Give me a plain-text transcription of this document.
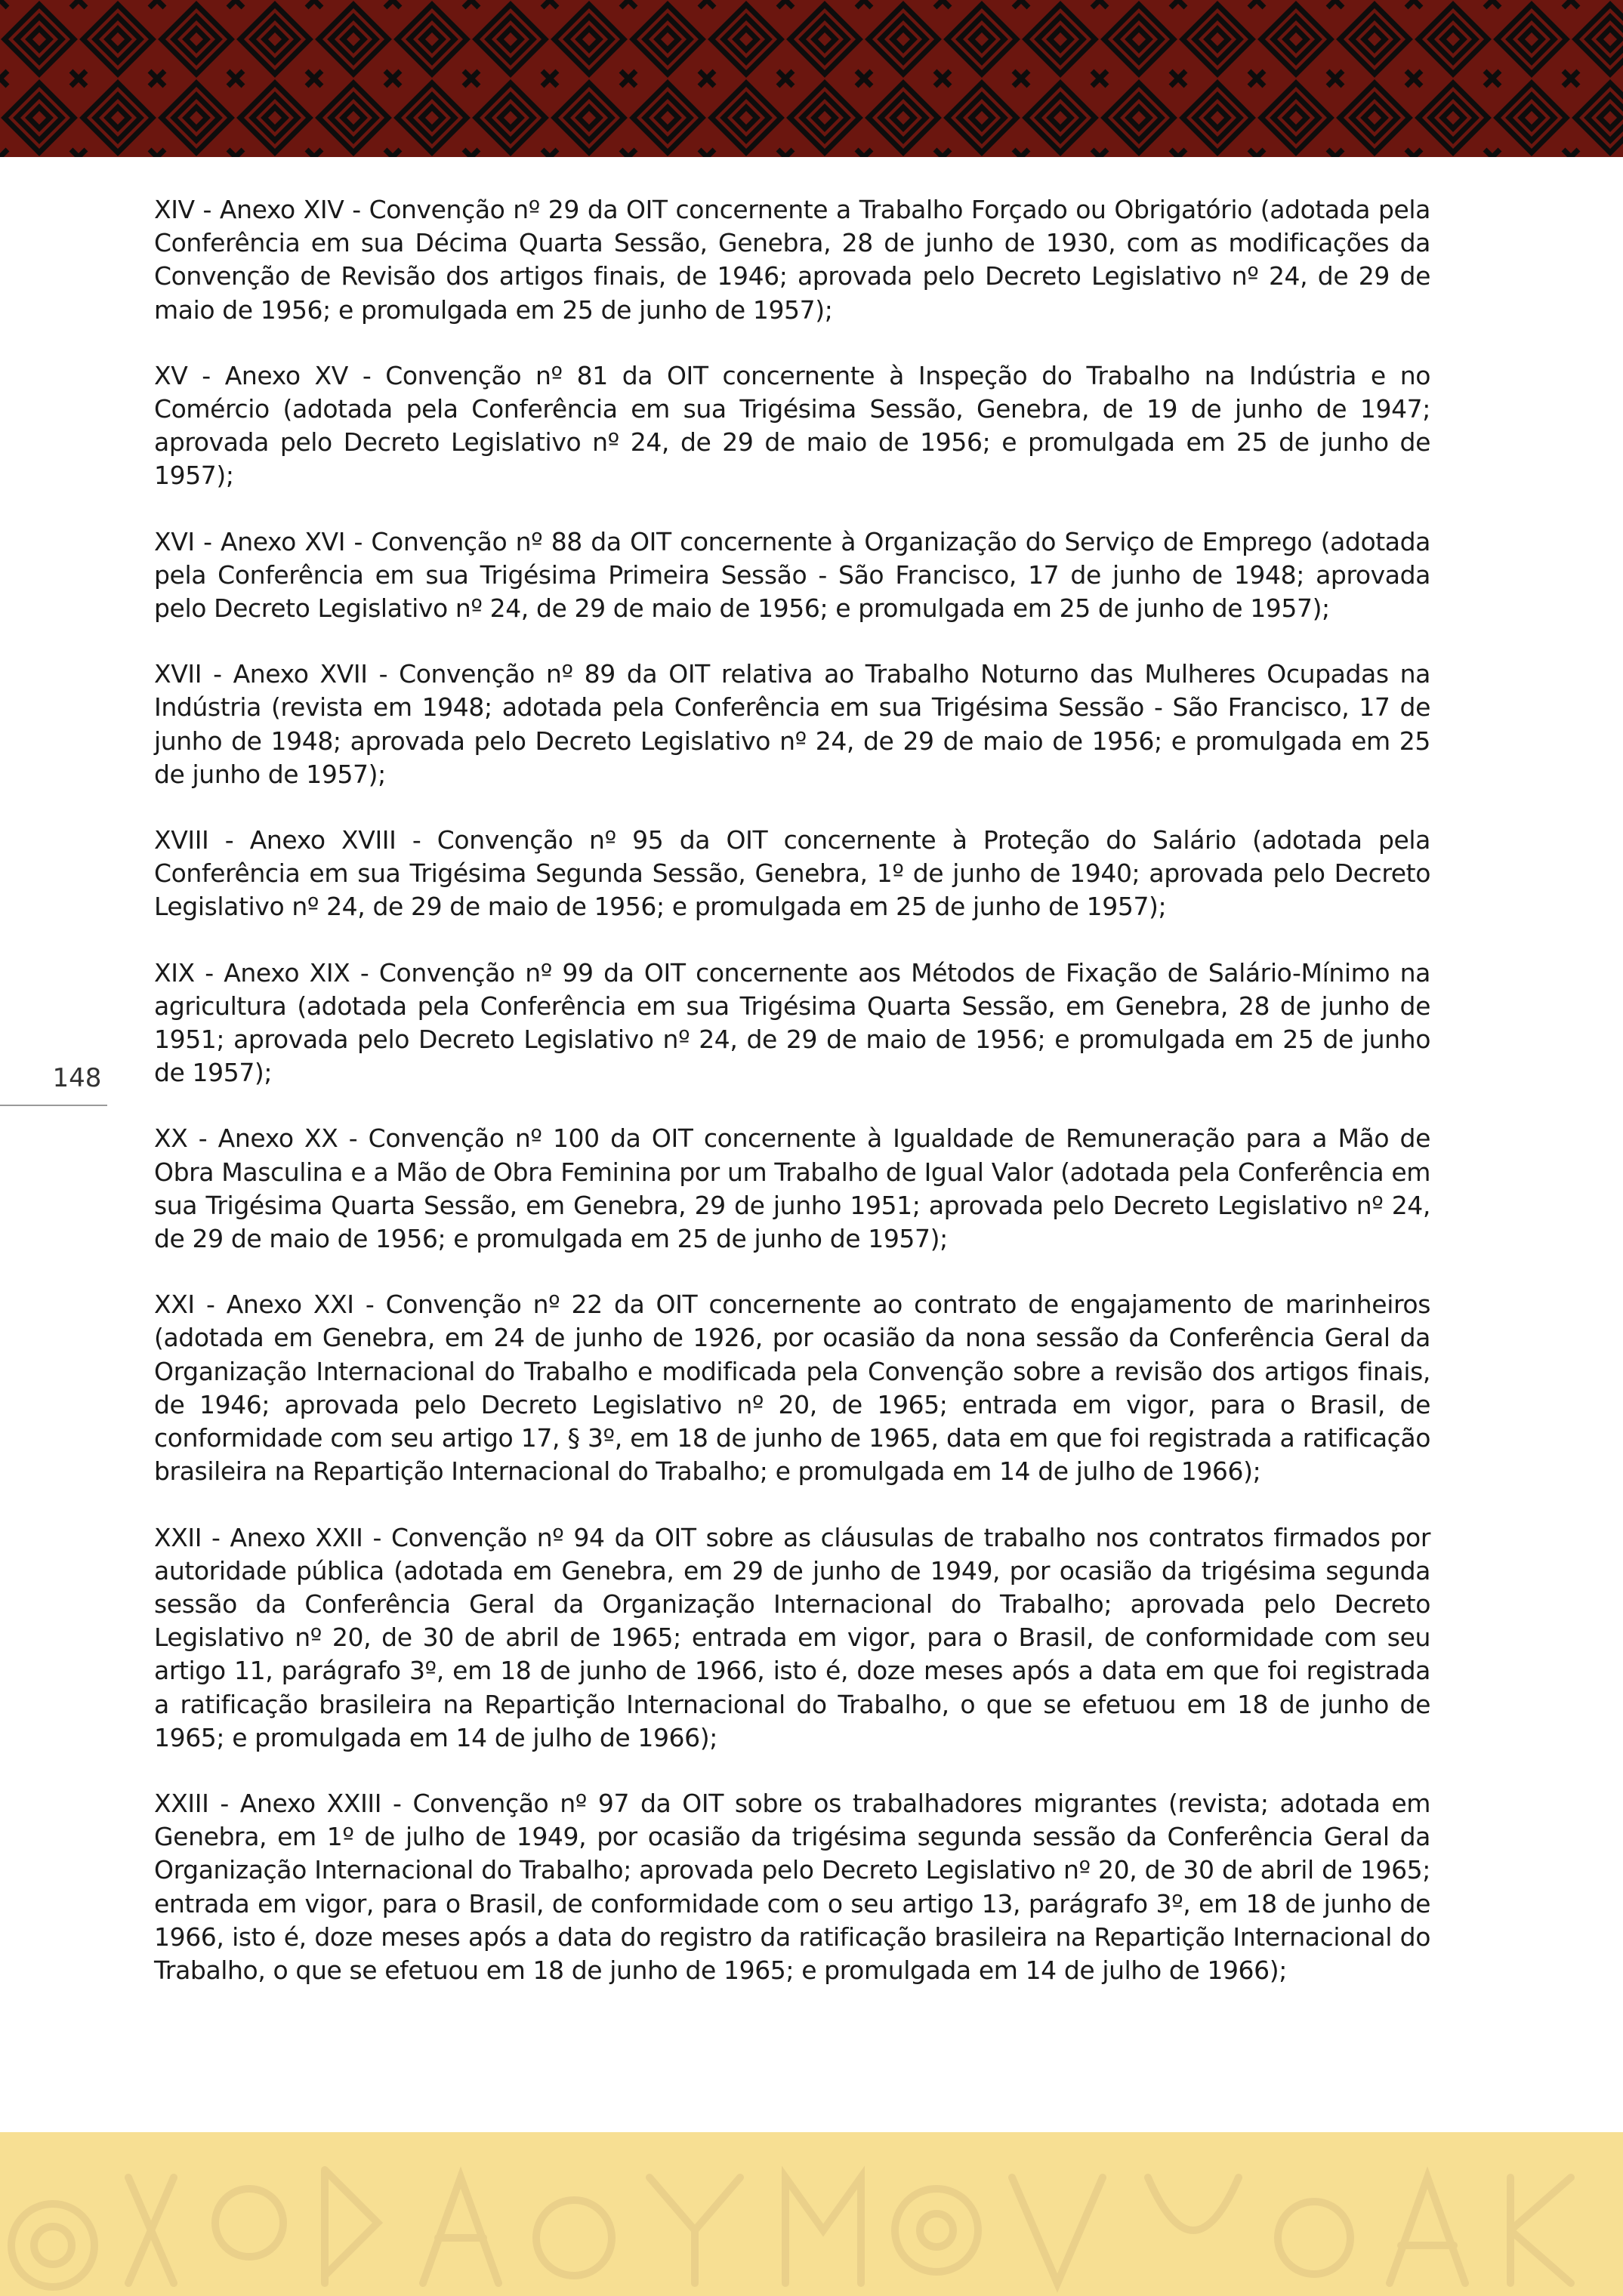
148

XIV - Anexo XIV - Convenção nº 29 da OIT concernente a Trabalho Forçado ou Obrigatório (adotada pela Conferência em sua Décima Quarta Sessão, Genebra, 28 de junho de 1930, com as modificações da Convenção de Revisão dos artigos finais, de 1946; aprovada pelo Decreto Legislativo nº 24, de 29 de maio de 1956; e promulgada em 25 de junho de 1957);

XV - Anexo XV - Convenção nº 81 da OIT concernente à Inspeção do Trabalho na Indústria e no Comércio (adotada pela Conferência em sua Trigésima Sessão, Genebra, de 19 de junho de 1947; aprovada pelo Decreto Legislativo nº 24, de 29 de maio de 1956; e promulgada em 25 de junho de 1957);

XVI - Anexo XVI - Convenção nº 88 da OIT concernente à Organização do Serviço de Emprego (adotada pela Conferência em sua Trigésima Primeira Sessão - São Francisco, 17 de junho de 1948; aprovada pelo Decreto Legislativo nº 24, de 29 de maio de 1956; e promulgada em 25 de junho de 1957);

XVII - Anexo XVII - Convenção nº 89 da OIT relativa ao Trabalho Noturno das Mulheres Ocupadas na Indústria (revista em 1948; adotada pela Conferência em sua Trigésima Sessão - São Francisco, 17 de junho de 1948; aprovada pelo Decreto Legislativo nº 24, de 29 de maio de 1956; e promulgada em 25 de junho de 1957);

XVIII - Anexo XVIII - Convenção nº 95 da OIT concernente à Proteção do Salário (adotada pela Conferência em sua Trigésima Segunda Sessão, Genebra, 1º de junho de 1940; aprovada pelo Decreto Legislativo nº 24, de 29 de maio de 1956; e promulgada em 25 de junho de 1957);

XIX - Anexo XIX - Convenção nº 99 da OIT concernente aos Métodos de Fixação de Salário-Mínimo na agricultura (adotada pela Conferência em sua Trigésima Quarta Sessão, em Genebra, 28 de junho de 1951; aprovada pelo Decreto Legislativo nº 24, de 29 de maio de 1956; e promulgada em 25 de junho de 1957);

XX - Anexo XX - Convenção nº 100 da OIT concernente à Igualdade de Remuneração para a Mão de Obra Masculina e a Mão de Obra Feminina por um Trabalho de Igual Valor (adotada pela Conferência em sua Trigésima Quarta Sessão, em Genebra, 29 de junho 1951; aprovada pelo Decreto Legislativo nº 24, de 29 de maio de 1956; e promulgada em 25 de junho de 1957);

XXI - Anexo XXI - Convenção nº 22 da OIT concernente ao contrato de engajamento de marinheiros (adotada em Genebra, em 24 de junho de 1926, por ocasião da nona sessão da Conferência Geral da Organização Internacional do Trabalho e modificada pela Convenção sobre a revisão dos artigos finais, de 1946; aprovada pelo Decreto Legislativo nº 20, de 1965; entrada em vigor, para o Brasil, de conformidade com seu artigo 17, § 3º, em 18 de junho de 1965, data em que foi registrada a ratificação brasileira na Repartição Internacional do Trabalho; e promulgada em 14 de julho de 1966);

XXII - Anexo XXII - Convenção nº 94 da OIT sobre as cláusulas de trabalho nos contratos firmados por autoridade pública (adotada em Genebra, em 29 de junho de 1949, por ocasião da trigésima segunda sessão da Conferência Geral da Organização Internacional do Trabalho; aprovada pelo Decreto Legislativo nº 20, de 30 de abril de 1965; entrada em vigor, para o Brasil, de conformidade com seu artigo 11, parágrafo 3º, em 18 de junho de 1966, isto é, doze meses após a data em que foi registrada a ratificação brasileira na Repartição Internacional do Trabalho, o que se efetuou em 18 de junho de 1965; e promulgada em 14 de julho de 1966);

XXIII - Anexo XXIII - Convenção nº 97 da OIT sobre os trabalhadores migrantes (revista; adotada em Genebra, em 1º de julho de 1949, por ocasião da trigésima segunda sessão da Conferência Geral da Organização Internacional do Trabalho; aprovada pelo Decreto Legislativo nº 20, de 30 de abril de 1965; entrada em vigor, para o Brasil, de conformidade com o seu artigo 13, parágrafo 3º, em 18 de junho de 1966, isto é, doze meses após a data do registro da ratificação brasileira na Repartição Internacional do Trabalho, o que se efetuou em 18 de junho de 1965; e promulgada em 14 de julho de 1966);
